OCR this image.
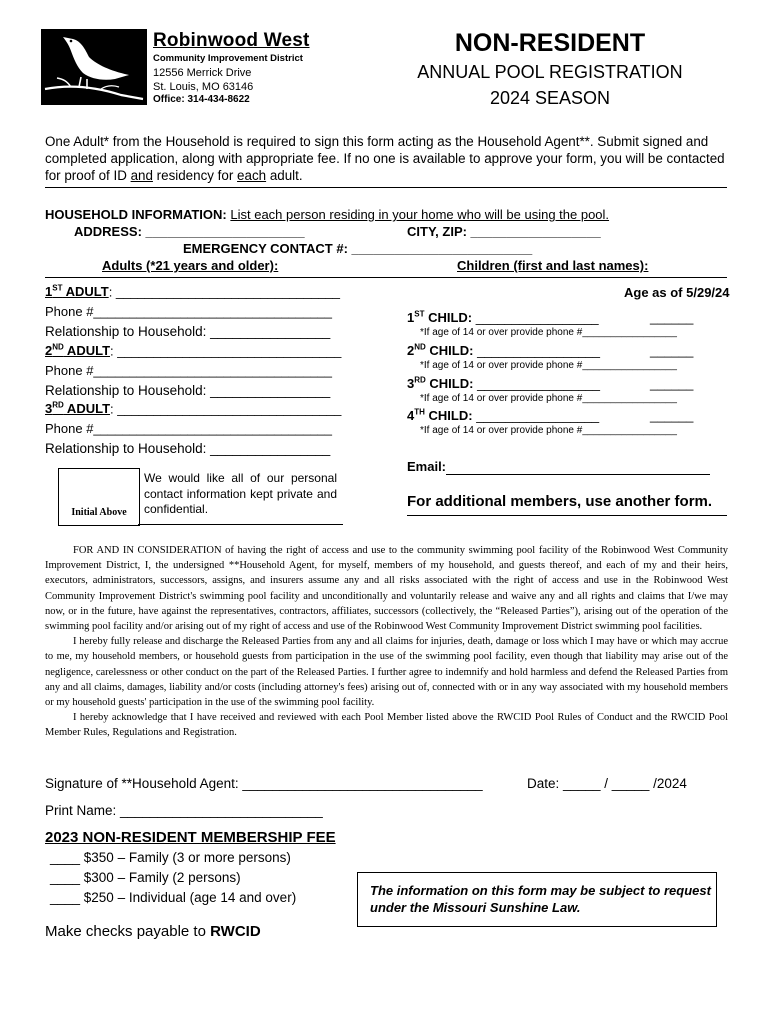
Robinwood West
Community Improvement District
12556 Merrick Drive
St. Louis, MO 63146
Office: 314-434-8622
NON-RESIDENT
ANNUAL POOL REGISTRATION
2024 SEASON
One Adult* from the Household is required to sign this form acting as the Household Agent**. Submit signed and completed application, along with appropriate fee. If no one is available to approve your form, you will be contacted for proof of ID and residency for each adult.
HOUSEHOLD INFORMATION: List each person residing in your home who will be using the pool.
ADDRESS: ______________________	CITY, ZIP: __________________
EMERGENCY CONTACT #: _________________________
Adults (*21 years and older):	Children (first and last names):
1ST ADULT: _______________________________
Phone #_________________________________
Relationship to Household: ________________
2ND ADULT: _______________________________
Phone #_________________________________
Relationship to Household: ________________
3RD ADULT: _______________________________
Phone #_________________________________
Relationship to Household: ________________
Age as of 5/29/24
1ST CHILD: _________________	______
*If age of 14 or over provide phone #_________________
2ND CHILD: _________________	______
*If age of 14 or over provide phone #_________________
3RD CHILD: _________________	______
*If age of 14 or over provide phone #_________________
4TH CHILD: _________________	______
*If age of 14 or over provide phone #_________________
Initial Above
We would like all of our personal contact information kept private and confidential.
Email:
For additional members, use another form.

FOR AND IN CONSIDERATION of having the right of access and use to the community swimming pool facility of the Robinwood West Community Improvement District, I, the undersigned **Household Agent, for myself, members of my household, and guests thereof, and each of my and their heirs, executors, administrators, successors, assigns, and insurers assume any and all risks associated with the right of access and use in the Robinwood West Community Improvement District's swimming pool facility and unconditionally and voluntarily release and waive any and all rights and claims that I/we may now, or in the future, have against the representatives, contractors, affiliates, successors (collectively, the “Released Parties”), arising out of the operation of the swimming pool facility and/or arising out of my right of access and use of the Robinwood West Community Improvement District swimming pool facilities.

I hereby fully release and discharge the Released Parties from any and all claims for injuries, death, damage or loss which I may have or which may accrue to me, my household members, or household guests from participation in the use of the swimming pool facility, even though that liability may arise out of the negligence, carelessness or other conduct on the part of the Released Parties. I further agree to indemnify and hold harmless and defend the Released Parties from any and all claims, damages, liability and/or costs (including attorney's fees) arising out of, connected with or in any way associated with my household members or my household guests' participation in the use of the swimming pool facility.

I hereby acknowledge that I have received and reviewed with each Pool Member listed above the RWCID Pool Rules of Conduct and the RWCID Pool Member Rules, Regulations and Registration.

Signature of **Household Agent: ________________________________	Date: _____ / _____ /2024
Print Name: ___________________________
2023 NON-RESIDENT MEMBERSHIP FEE
____ $350 – Family (3 or more persons)
____ $300 – Family (2 persons)
____ $250 – Individual (age 14 and over)
Make checks payable to RWCID
The information on this form may be subject to request under the Missouri Sunshine Law.
